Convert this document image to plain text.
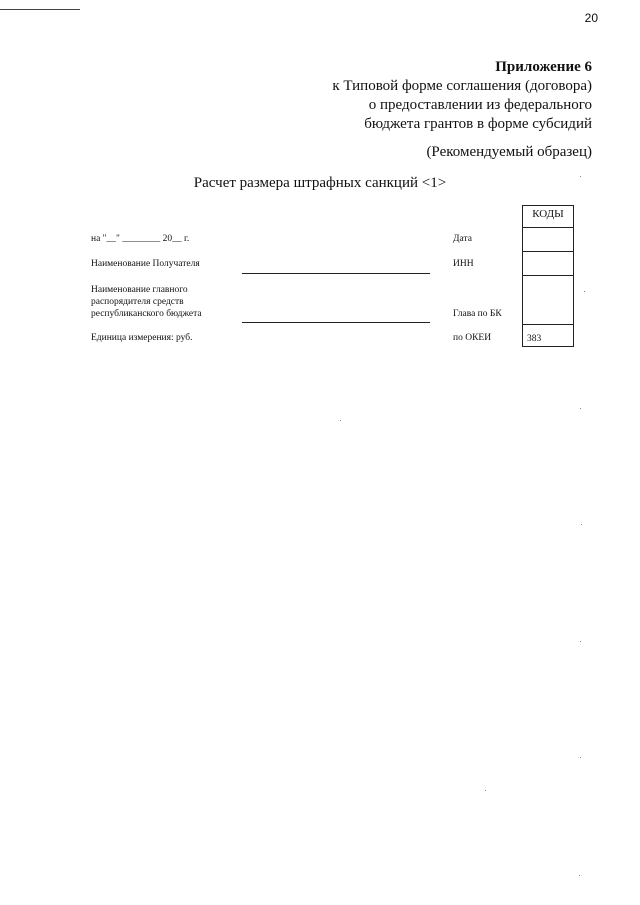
20
Приложение 6
к Типовой форме соглашения (договора)
о предоставлении из федерального
бюджета грантов в форме субсидий
(Рекомендуемый образец)
Расчет размера штрафных санкций <1>
на "__" ________ 20__ г.
Наименование Получателя
Наименование главного
распорядителя средств
республиканского бюджета
Единица измерения: руб.
Дата
ИНН
Глава по БК
по ОКЕИ
КОДЫ
383
